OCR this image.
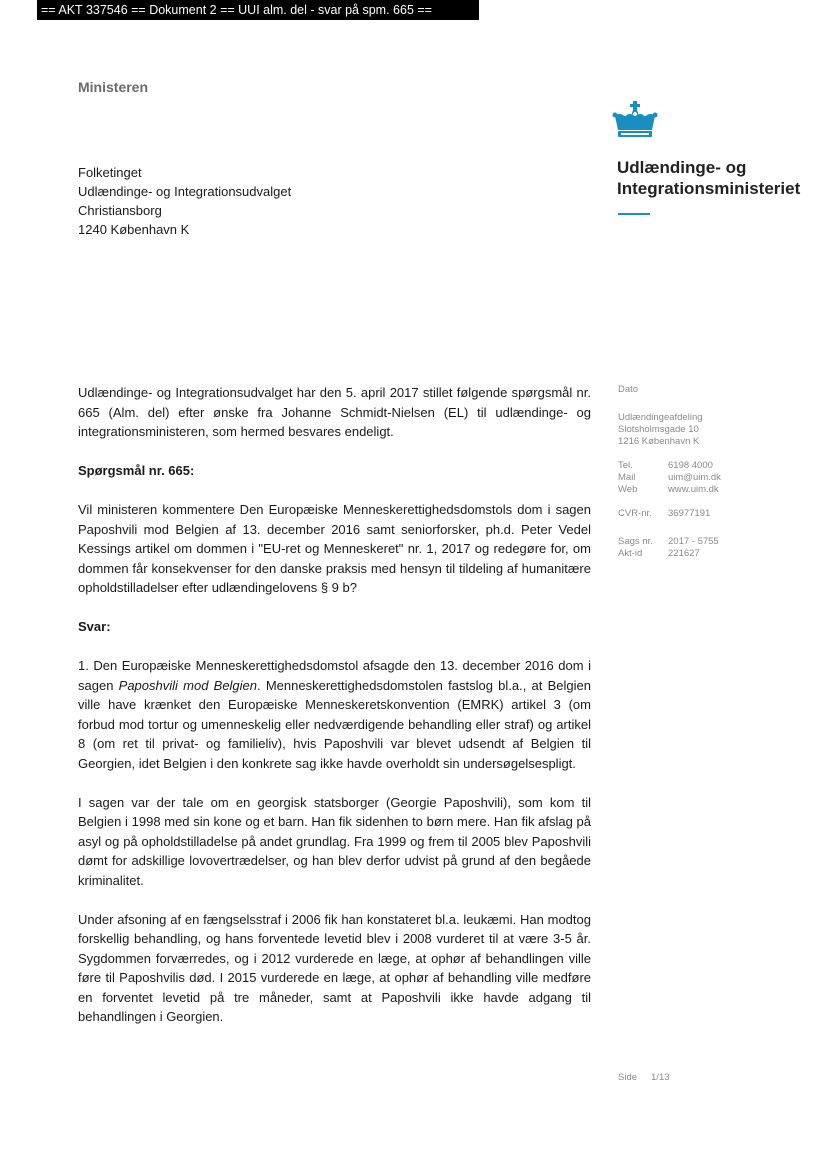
== AKT 337546 == Dokument 2 == UUI alm. del - svar på spm. 665 ==
Ministeren
Udlændinge- og
Integrationsministeriet
Folketinget
Udlændinge- og Integrationsudvalget
Christiansborg
1240 København K
Dato
Udlændingeafdeling
Slotsholmsgade 10
1216 København K
Tel.	6198 4000
Mail	uim@uim.dk
Web	www.uim.dk
CVR-nr.	36977191
Sags nr.	2017 - 5755
Akt-id	221627

Udlændinge- og Integrationsudvalget har den 5. april 2017 stillet følgende spørgsmål nr. 665 (Alm. del) efter ønske fra Johanne Schmidt-Nielsen (EL) til udlændinge- og integrationsministeren, som hermed besvares endeligt.

Spørgsmål nr. 665:

Vil ministeren kommentere Den Europæiske Menneskerettighedsdomstols dom i sagen Paposhvili mod Belgien af 13. december 2016 samt seniorforsker, ph.d. Peter Vedel Kessings artikel om dommen i "EU-ret og Menneskeret" nr. 1, 2017 og redegøre for, om dommen får konsekvenser for den danske praksis med hensyn til tildeling af humanitære opholdstilladelser efter udlændingelovens § 9 b?

Svar:

1. Den Europæiske Menneskerettighedsdomstol afsagde den 13. december 2016 dom i sagen Paposhvili mod Belgien. Menneskerettighedsdomstolen fastslog bl.a., at Belgien ville have krænket den Europæiske Menneskeretskonvention (EMRK) artikel 3 (om forbud mod tortur og umenneskelig eller nedværdigende behandling eller straf) og artikel 8 (om ret til privat- og familieliv), hvis Paposhvili var blevet udsendt af Belgien til Georgien, idet Belgien i den konkrete sag ikke havde overholdt sin undersøgelsespligt.

I sagen var der tale om en georgisk statsborger (Georgie Paposhvili), som kom til Belgien i 1998 med sin kone og et barn. Han fik sidenhen to børn mere. Han fik afslag på asyl og på opholdstilladelse på andet grundlag. Fra 1999 og frem til 2005 blev Paposhvili dømt for adskillige lovovertrædelser, og han blev derfor udvist på grund af den begåede kriminalitet.

Under afsoning af en fængselsstraf i 2006 fik han konstateret bl.a. leukæmi. Han modtog forskellig behandling, og hans forventede levetid blev i 2008 vurderet til at være 3-5 år. Sygdommen forværredes, og i 2012 vurderede en læge, at ophør af behandlingen ville føre til Paposhvilis død. I 2015 vurderede en læge, at ophør af behandling ville medføre en forventet levetid på tre måneder, samt at Paposhvili ikke havde adgang til behandlingen i Georgien.

Side 1/13
